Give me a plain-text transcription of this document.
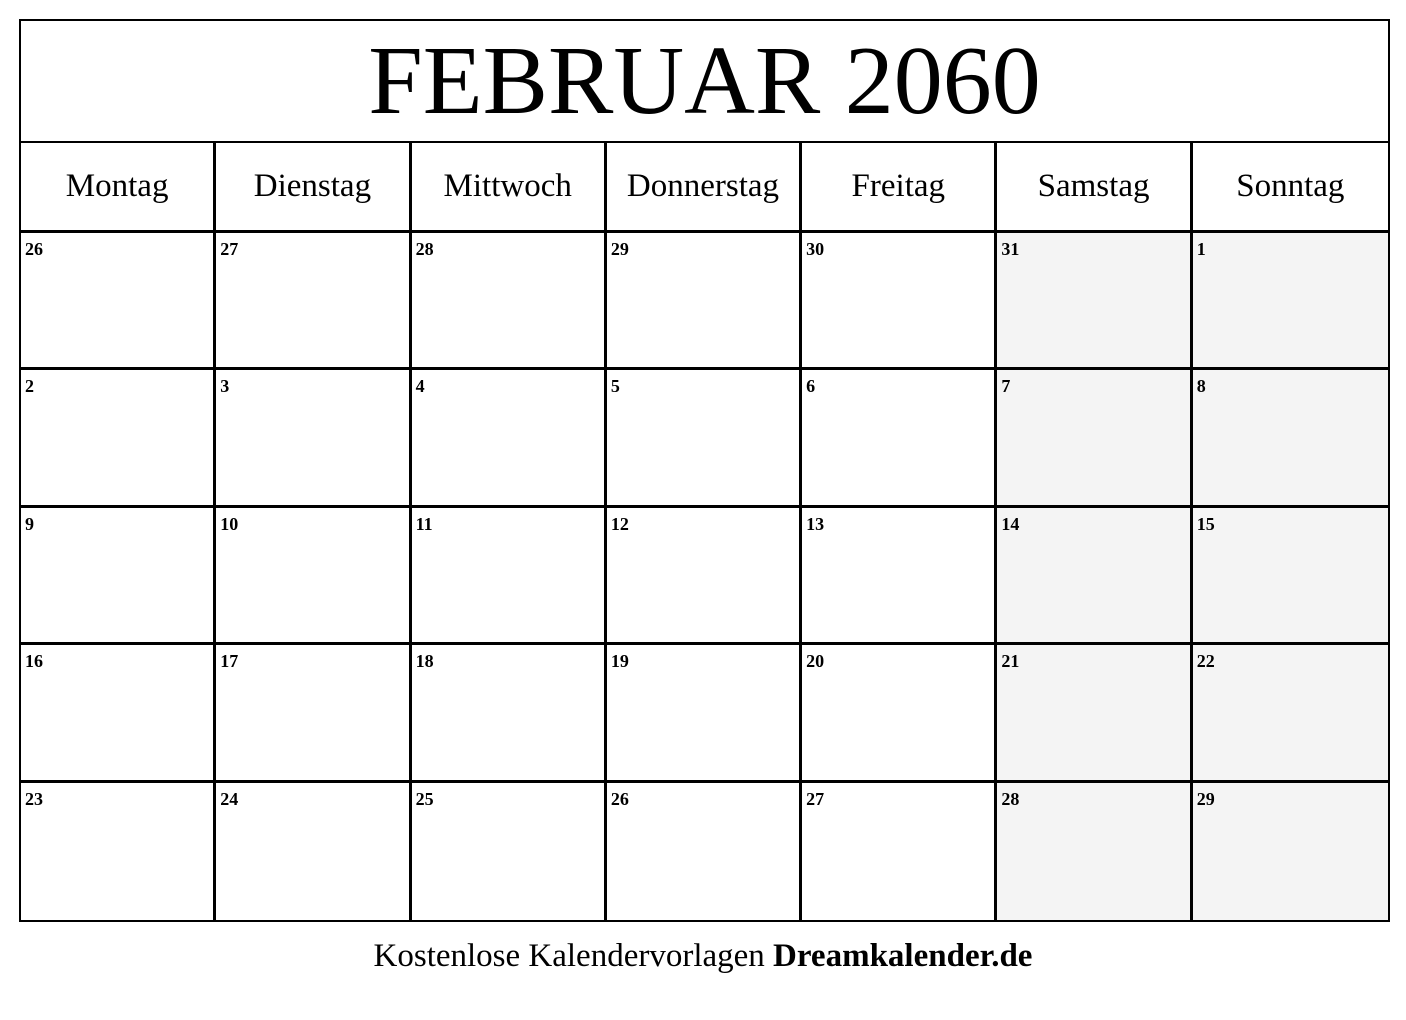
FEBRUAR 2060
Montag	Dienstag	Mittwoch	Donnerstag	Freitag	Samstag	Sonntag
26	27	28	29	30	31	1
2	3	4	5	6	7	8
9	10	11	12	13	14	15
16	17	18	19	20	21	22
23	24	25	26	27	28	29
Kostenlose Kalendervorlagen Dreamkalender.de
